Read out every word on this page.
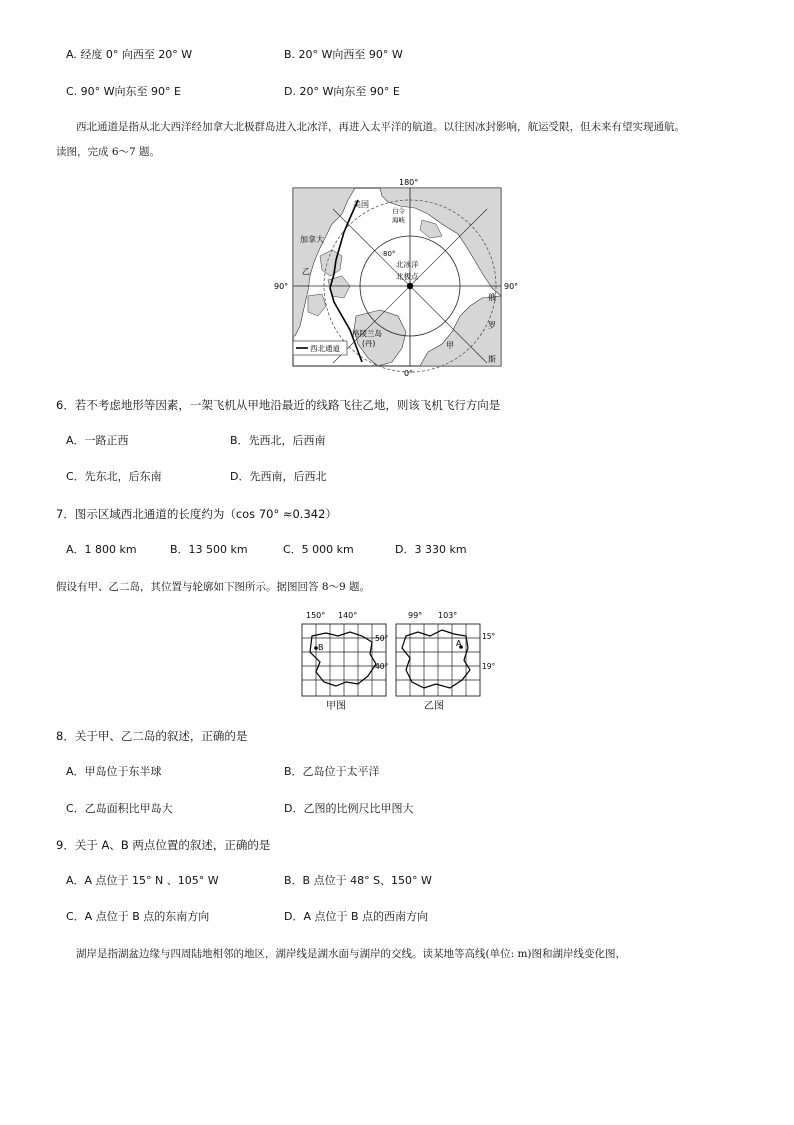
A. 经度 0° 向西至 20° W	B. 20° W向西至 90° W
C. 90° W向东至 90° E	D. 20° W向东至 90° E
西北通道是指从北大西洋经加拿大北极群岛进入北冰洋，再进入太平洋的航道。以往因冰封影响，航运受限，但未来有望实现通航。
读图，完成 6～7 题。
180°
0°
90°	90°
美国
白令
海峡
加拿大
80°
北冰洋
北极点
乙
甲
格陵兰岛
(丹)
俄
罗
斯
西北通道
6．若不考虑地形等因素，一架飞机从甲地沿最近的线路飞往乙地，则该飞机飞行方向是
A．一路正西	B．先西北，后西南
C．先东北，后东南	D．先西南，后西北
7．图示区域西北通道的长度约为（cos 70° ≈0.342）
A．1 800 km	B．13 500 km	C．5 000 km	D．3 330 km
假设有甲、乙二岛，其位置与轮廓如下图所示。据图回答 8～9 题。
150° 140°
50°
40°
B
甲图
99° 103°
15°
19°
A
乙图
8．关于甲、乙二岛的叙述，正确的是
A．甲岛位于东半球	B．乙岛位于太平洋
C．乙岛面积比甲岛大	D．乙图的比例尺比甲图大
9．关于 A、B 两点位置的叙述，正确的是
A．A 点位于 15° N 、105° W	B．B 点位于 48° S、150° W
C．A 点位于 B 点的东南方向	D．A 点位于 B 点的西南方向
湖岸是指湖盆边缘与四周陆地相邻的地区，湖岸线是湖水面与湖岸的交线。读某地等高线(单位: m)图和湖岸线变化图，
